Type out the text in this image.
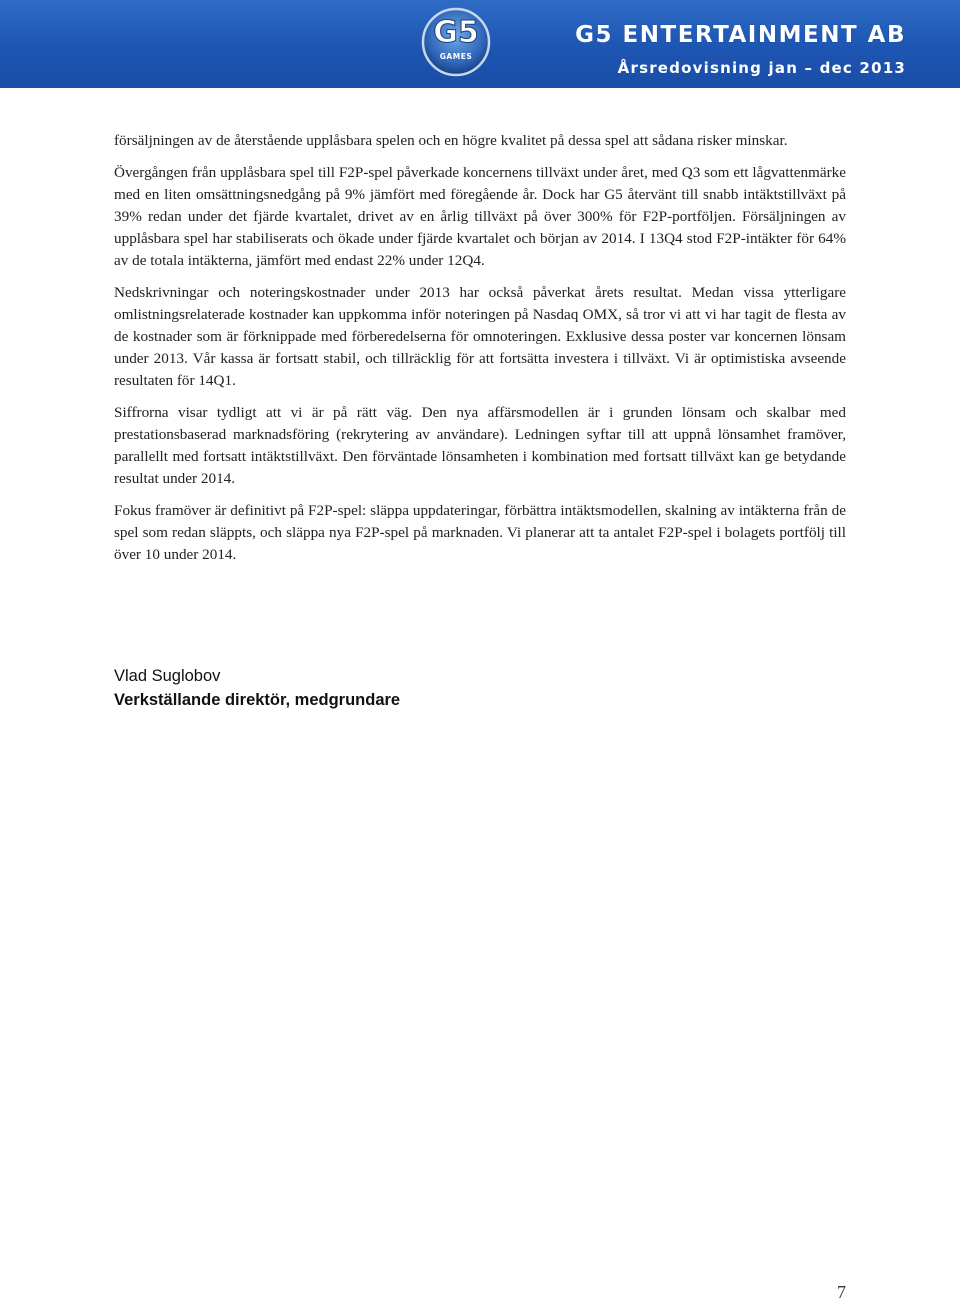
G5
GAMES
G5 ENTERTAINMENT AB
Årsredovisning jan – dec 2013

försäljningen av de återstående upplåsbara spelen och en högre kvalitet på dessa spel att sådana risker minskar.

Övergången från upplåsbara spel till F2P-spel påverkade koncernens tillväxt under året, med Q3 som ett lågvattenmärke med en liten omsättningsnedgång på 9% jämfört med föregående år. Dock har G5 återvänt till snabb intäktstillväxt på 39% redan under det fjärde kvartalet, drivet av en årlig tillväxt på över 300% för F2P-portföljen. Försäljningen av upplåsbara spel har stabiliserats och ökade under fjärde kvartalet och början av 2014. I 13Q4 stod F2P-intäkter för 64% av de totala intäkterna, jämfört med endast 22% under 12Q4.

Nedskrivningar och noteringskostnader under 2013 har också påverkat årets resultat. Medan vissa ytterligare omlistningsrelaterade kostnader kan uppkomma inför noteringen på Nasdaq OMX, så tror vi att vi har tagit de flesta av de kostnader som är förknippade med förberedelserna för omnoteringen. Exklusive dessa poster var koncernen lönsam under 2013. Vår kassa är fortsatt stabil, och tillräcklig för att fortsätta investera i tillväxt. Vi är optimistiska avseende resultaten för 14Q1.

Siffrorna visar tydligt att vi är på rätt väg. Den nya affärsmodellen är i grunden lönsam och skalbar med prestationsbaserad marknadsföring (rekrytering av användare). Ledningen syftar till att uppnå lönsamhet framöver, parallellt med fortsatt intäktstillväxt. Den förväntade lönsamheten i kombination med fortsatt tillväxt kan ge betydande resultat under 2014.

Fokus framöver är definitivt på F2P-spel: släppa uppdateringar, förbättra intäktsmodellen, skalning av intäkterna från de spel som redan släppts, och släppa nya F2P-spel på marknaden. Vi planerar att ta antalet F2P-spel i bolagets portfölj till över 10 under 2014.

Vlad Suglobov
Verkställande direktör, medgrundare
7
